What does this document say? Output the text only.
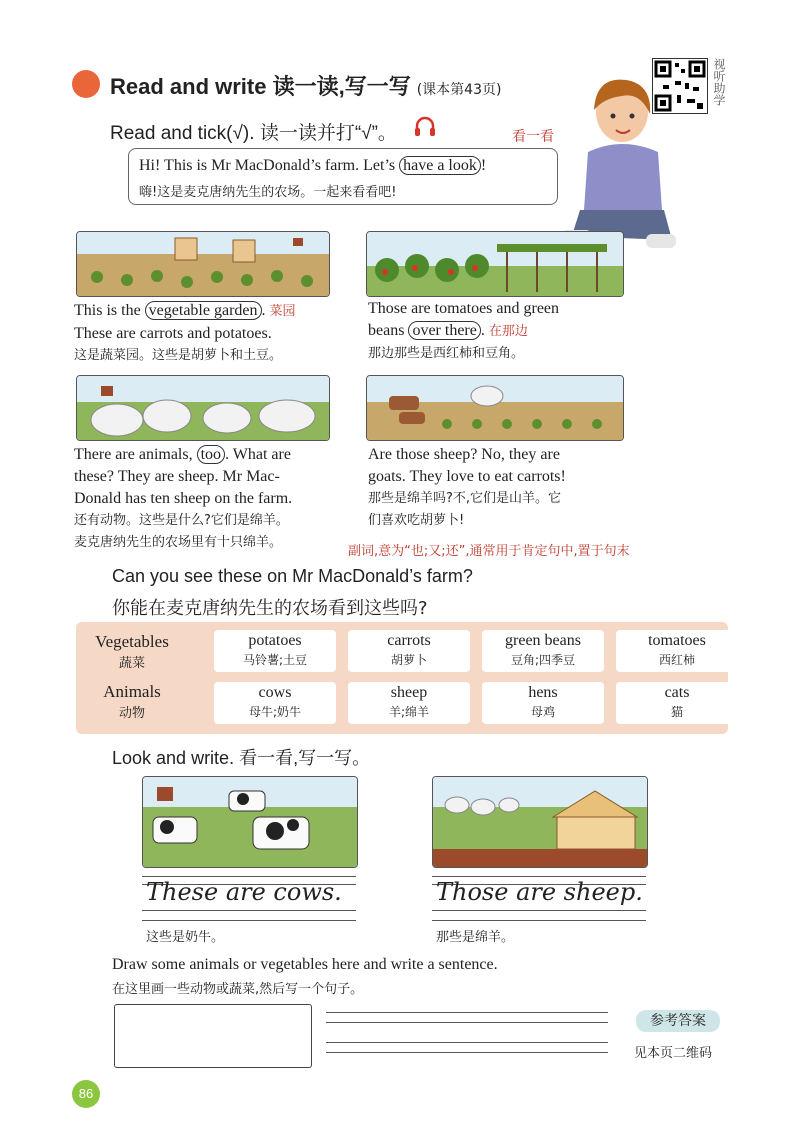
Read and write 读一读,写一写 (课本第43页)
Read and tick(√). 读一读并打“√”。	看一看
视听助学
Hi! This is Mr MacDonald’s farm. Let’s have a look !
嗨!这是麦克唐纳先生的农场。一起来看看吧!
This is the vegetable garden . 菜园
These are carrots and potatoes.
这是蔬菜园。这些是胡萝卜和土豆。
Those are tomatoes and green
beans over there . 在那边
那边那些是西红柿和豆角。
There are animals, too . What are
these? They are sheep. Mr Mac-
Donald has ten sheep on the farm.
还有动物。这些是什么?它们是绵羊。
麦克唐纳先生的农场里有十只绵羊。
Are those sheep? No, they are
goats. They love to eat carrots!
那些是绵羊吗?不,它们是山羊。它
们喜欢吃胡萝卜!
副词,意为“也;又;还”,通常用于肯定句中,置于句末
Can you see these on Mr MacDonald’s farm?
你能在麦克唐纳先生的农场看到这些吗?
Vegetables
蔬菜
potatoes
马铃薯;土豆
carrots
胡萝卜
green beans
豆角;四季豆
tomatoes
西红柿
Animals
动物
cows
母牛;奶牛
sheep
羊;绵羊
hens
母鸡
cats
猫
Look and write. 看一看,写一写。
These are cows.
这些是奶牛。
Those are sheep.
那些是绵羊。
Draw some animals or vegetables here and write a sentence.
在这里画一些动物或蔬菜,然后写一个句子。
参考答案
见本页二维码
86
